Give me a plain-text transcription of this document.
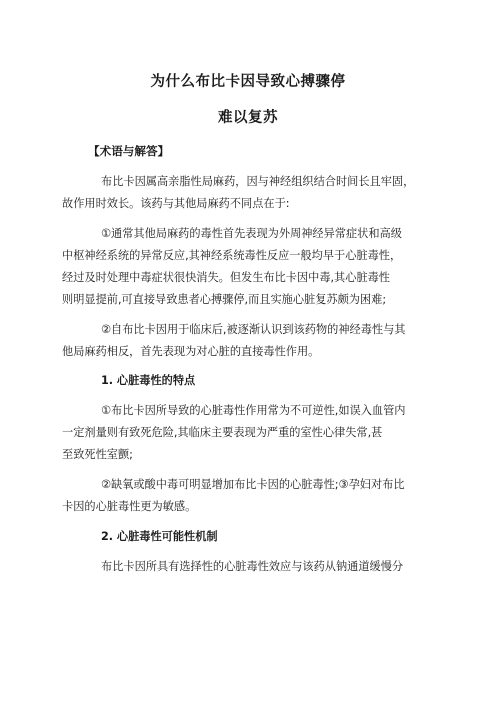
为什么布比卡因导致心搏骤停
难以复苏
【术语与解答】
布比卡因属高亲脂性局麻药，因与神经组织结合时间长且牢固，
故作用时效长。该药与其他局麻药不同点在于:
①通常其他局麻药的毒性首先表现为外周神经异常症状和高级
中枢神经系统的异常反应,其神经系统毒性反应一般均早于心脏毒性，
经过及时处理中毒症状很快消失。但发生布比卡因中毒,其心脏毒性
则明显提前,可直接导致患者心搏骤停,而且实施心脏复苏颇为困难;
②自布比卡因用于临床后,被逐渐认识到该药物的神经毒性与其
他局麻药相反，首先表现为对心脏的直接毒性作用。
1. 心脏毒性的特点
①布比卡因所导致的心脏毒性作用常为不可逆性,如误入血管内
一定剂量则有致死危险,其临床主要表现为严重的室性心律失常,甚
至致死性室颤;
②缺氧或酸中毒可明显增加布比卡因的心脏毒性;③孕妇对布比
卡因的心脏毒性更为敏感。
2. 心脏毒性可能性机制
布比卡因所具有选择性的心脏毒性效应与该药从钠通道缓慢分
